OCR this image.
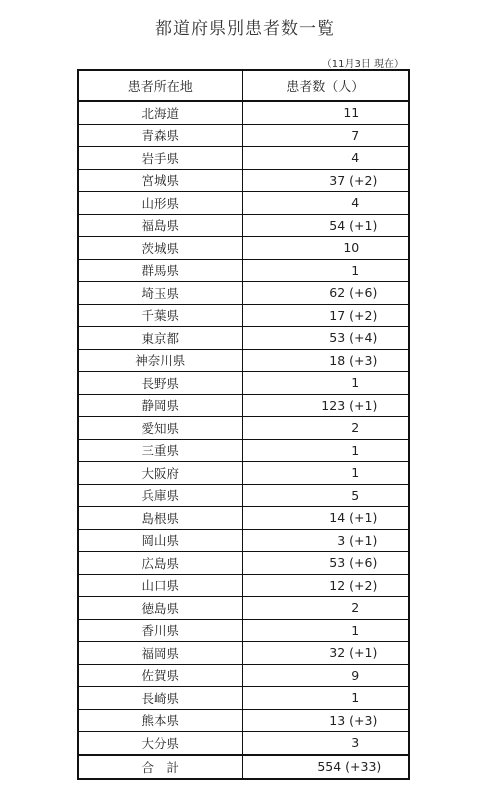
都道府県別患者数一覧
（11月3日 現在）
患者所在地	患者数（人）
北海道	11
青森県	7
岩手県	4
宮城県	37 (+2)
山形県	4
福島県	54 (+1)
茨城県	10
群馬県	1
埼玉県	62 (+6)
千葉県	17 (+2)
東京都	53 (+4)
神奈川県	18 (+3)
長野県	1
静岡県	123 (+1)
愛知県	2
三重県	1
大阪府	1
兵庫県	5
島根県	14 (+1)
岡山県	3 (+1)
広島県	53 (+6)
山口県	12 (+2)
徳島県	2
香川県	1
福岡県	32 (+1)
佐賀県	9
長崎県	1
熊本県	13 (+3)
大分県	3
合　計	554 (+33)
